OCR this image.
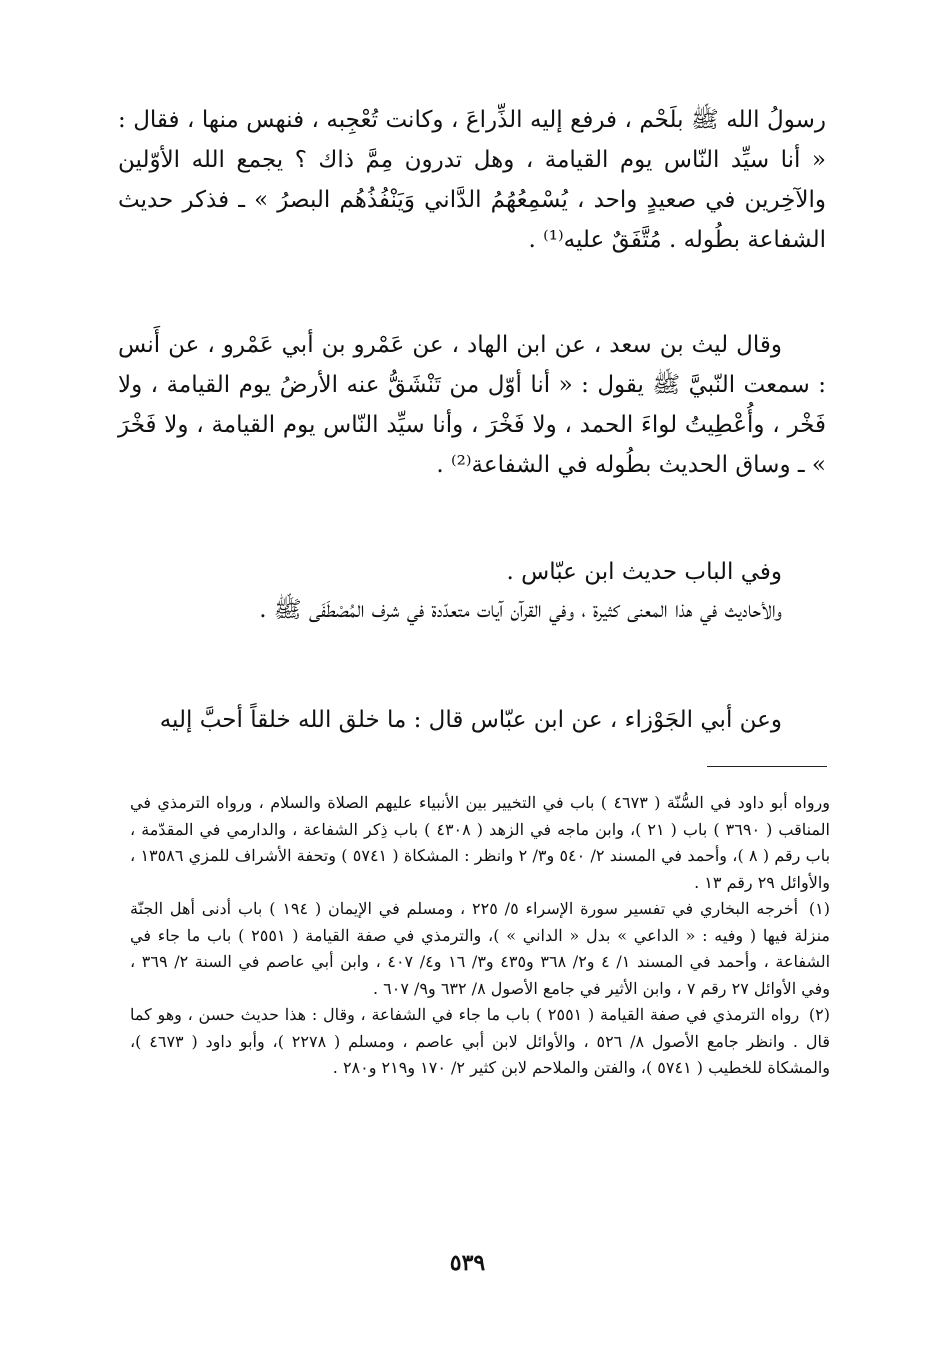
رسولُ الله ﷺ بلَحْم ، فرفع إليه الذِّراعَ ، وكانت تُعْجِبه ، فنهس منها ، فقال : « أنا سيِّد النّاس يوم القيامة ، وهل تدرون مِمَّ ذاك ؟ يجمع الله الأوّلين والآخِرين في صعيدٍ واحد ، يُسْمِعُهُمُ الدَّاني وَيَنْفُذُهُم البصرُ » ـ فذكر حديث الشفاعة بطُوله . مُتَّفَقٌ عليه⁽¹⁾ .

وقال ليث بن سعد ، عن ابن الهاد ، عن عَمْرو بن أبي عَمْرو ، عن أَنس : سمعت النّبيَّ ﷺ يقول : « أنا أوّل من تَنْشَقُّ عنه الأرضُ يوم القيامة ، ولا فَخْر ، وأُعْطِيتُ لواءَ الحمد ، ولا فَخْرَ ، وأنا سيِّد النّاس يوم القيامة ، ولا فَخْرَ » ـ وساق الحديث بطُوله في الشفاعة⁽²⁾ .

وفي الباب حديث ابن عبّاس .

والأحاديث في هذا المعنى كثيرة ، وفي القرآن آيات متعدّدة في شرف المُصْطَفَى ﷺ .

وعن أبي الجَوْزاء ، عن ابن عبّاس قال : ما خلق الله خلقاً أحبَّ إليه

ورواه أبو داود في السُّنّة ( ٤٦٧٣ ) باب في التخيير بين الأنبياء عليهم الصلاة والسلام ، ورواه الترمذي في المناقب ( ٣٦٩٠ ) باب ( ٢١ )، وابن ماجه في الزهد ( ٤٣٠٨ ) باب ذِكر الشفاعة ، والدارمي في المقدّمة ، باب رقم ( ٨ )، وأحمد في المسند ٢/ ٥٤٠ و٣/ ٢ وانظر : المشكاة ( ٥٧٤١ ) وتحفة الأشراف للمزي ١٣٥٨٦ ، والأوائل ٢٩ رقم ١٣ .

(١) أخرجه البخاري في تفسير سورة الإسراء ٥/ ٢٢٥ ، ومسلم في الإيمان ( ١٩٤ ) باب أدنى أهل الجنّة منزلة فيها ( وفيه : « الداعي » بدل « الداني » )، والترمذي في صفة القيامة ( ٢٥٥١ ) باب ما جاء في الشفاعة ، وأحمد في المسند ١/ ٤ و٢/ ٣٦٨ و٤٣٥ و٣/ ١٦ و٤/ ٤٠٧ ، وابن أبي عاصم في السنة ٢/ ٣٦٩ ، وفي الأوائل ٢٧ رقم ٧ ، وابن الأثير في جامع الأصول ٨/ ٦٣٢ و٩/ ٦٠٧ .

(٢) رواه الترمذي في صفة القيامة ( ٢٥٥١ ) باب ما جاء في الشفاعة ، وقال : هذا حديث حسن ، وهو كما قال . وانظر جامع الأصول ٨/ ٥٢٦ ، والأوائل لابن أبي عاصم ، ومسلم ( ٢٢٧٨ )، وأبو داود ( ٤٦٧٣ )، والمشكاة للخطيب ( ٥٧٤١ )، والفتن والملاحم لابن كثير ٢/ ١٧٠ و٢١٩ و٢٨٠ .

٥٣٩
